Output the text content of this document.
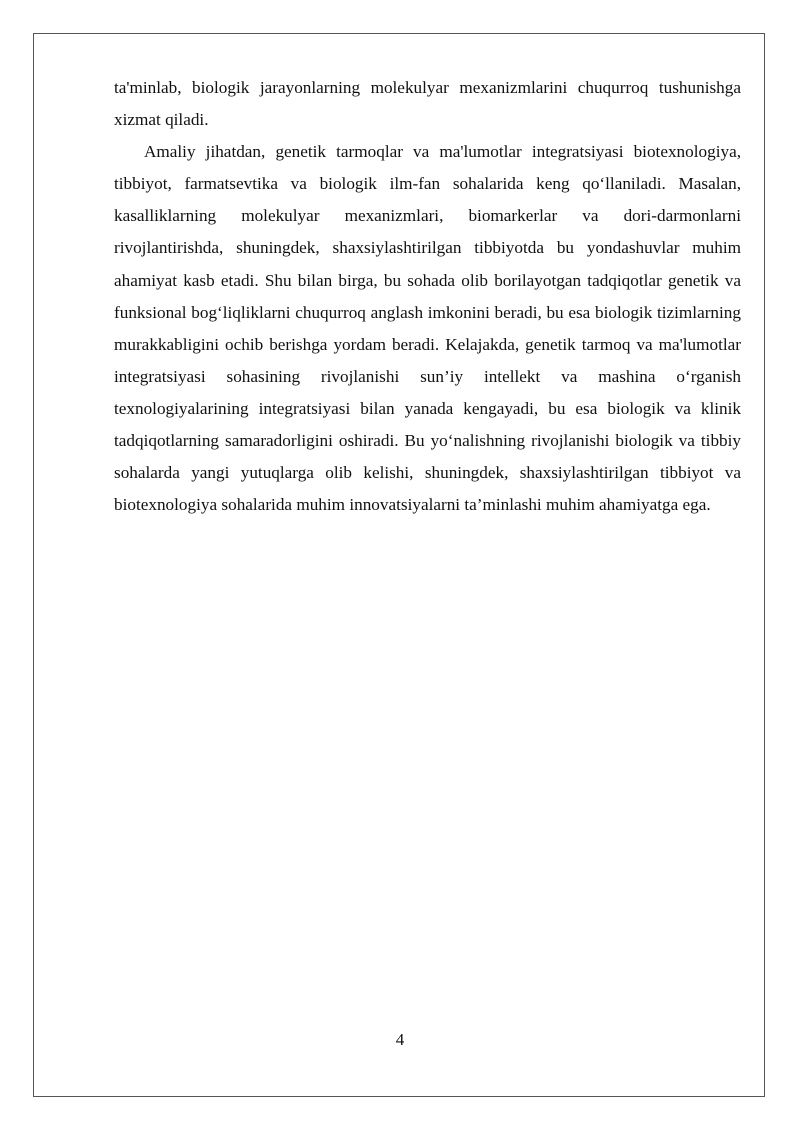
ta'minlab, biologik jarayonlarning molekulyar mexanizmlarini chuqurroq tushunishga xizmat qiladi.

Amaliy jihatdan, genetik tarmoqlar va ma'lumotlar integratsiyasi biotexnologiya, tibbiyot, farmatsevtika va biologik ilm-fan sohalarida keng qo‘llaniladi. Masalan, kasalliklarning molekulyar mexanizmlari, biomarkerlar va dori-darmonlarni rivojlantirishda, shuningdek, shaxsiylashtirilgan tibbiyotda bu yondashuvlar muhim ahamiyat kasb etadi. Shu bilan birga, bu sohada olib borilayotgan tadqiqotlar genetik va funksional bog‘liqliklarni chuqurroq anglash imkonini beradi, bu esa biologik tizimlarning murakkabligini ochib berishga yordam beradi. Kelajakda, genetik tarmoq va ma'lumotlar integratsiyasi sohasining rivojlanishi sun’iy intellekt va mashina o‘rganish texnologiyalarining integratsiyasi bilan yanada kengayadi, bu esa biologik va klinik tadqiqotlarning samaradorligini oshiradi. Bu yo‘nalishning rivojlanishi biologik va tibbiy sohalarda yangi yutuqlarga olib kelishi, shuningdek, shaxsiylashtirilgan tibbiyot va biotexnologiya sohalarida muhim innovatsiyalarni ta’minlashi muhim ahamiyatga ega.

4
